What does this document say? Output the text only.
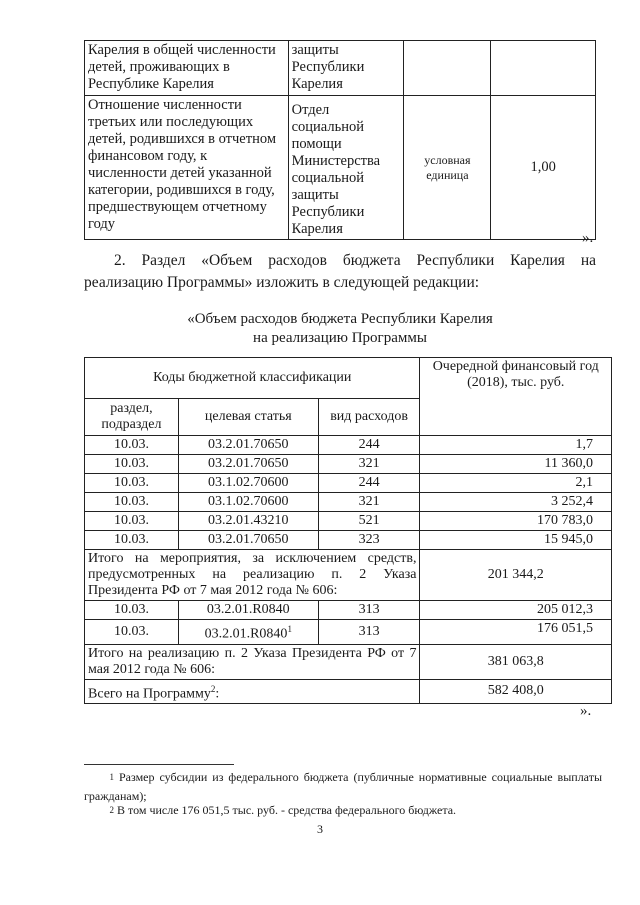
Карелия в общей численности детей, проживающих в Республике Карелия	защиты Республики Карелия		
Отношение численности третьих или последующих детей, родившихся в отчетном финансовом году, к численности детей указанной категории, родившихся в году, предшествующем отчетному году	Отдел социальной помощи Министерства социальной защиты Республики Карелия	условная единица	1,00
».
2. Раздел «Объем расходов бюджета Республики Карелия на
реализацию Программы» изложить в следующей редакции:
«Объем расходов бюджета Республики Карелия
на реализацию Программы
Коды бюджетной классификации			Очередной финансовый год (2018), тыс. руб.
раздел, подраздел	целевая статья	вид расходов	
10.03.	03.2.01.70650	244	1,7
10.03.	03.2.01.70650	321	11 360,0
10.03.	03.1.02.70600	244	2,1
10.03.	03.1.02.70600	321	3 252,4
10.03.	03.2.01.43210	521	170 783,0
10.03.	03.2.01.70650	323	15 945,0
Итого на мероприятия, за исключением средств, предусмотренных на реализацию п. 2 Указа Президента РФ от 7 мая 2012 года № 606:			201 344,2
10.03.	03.2.01.R0840	313	205 012,3
10.03.	03.2.01.R0840$^1$	313	176 051,5
Итого на реализацию п. 2 Указа Президента РФ от 7 мая 2012 года № 606:			381 063,8
Всего на Программу$^2$:			582 408,0
».
$^1$ Размер субсидии из федерального бюджета (публичные нормативные социальные выплаты гражданам);
$^2$ В том числе 176 051,5 тыс. руб. - средства федерального бюджета.
3
